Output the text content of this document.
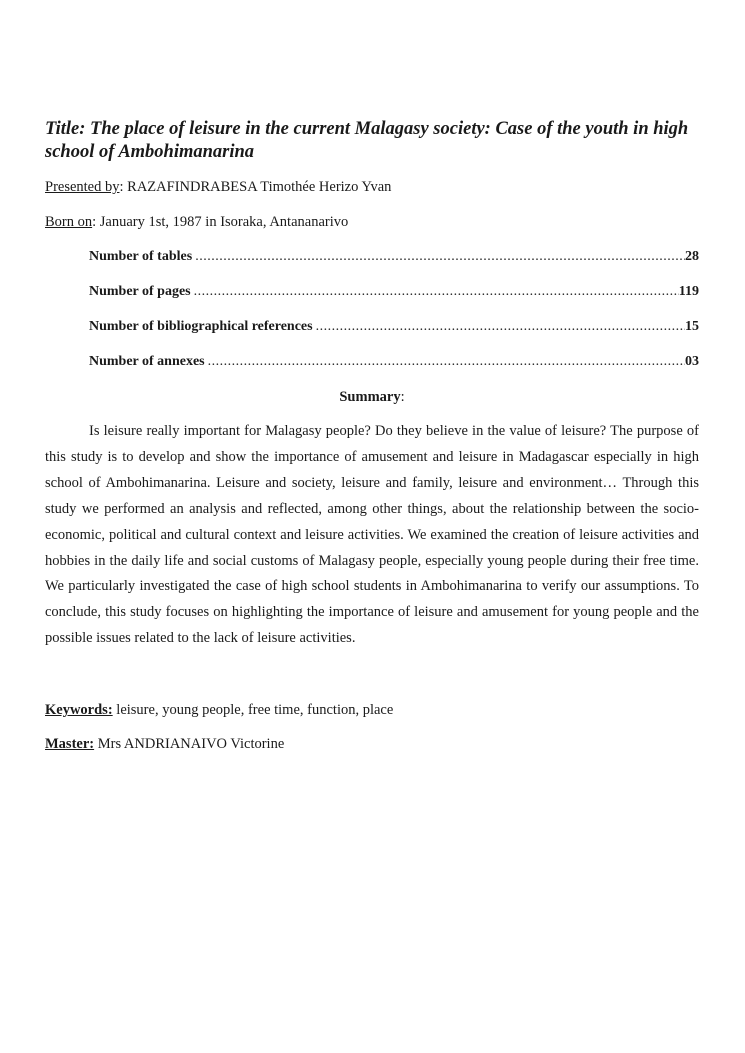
Title: The place of leisure in the current Malagasy society: Case of the youth in high school of Ambohimanarina

Presented by: RAZAFINDRABESA Timothée Herizo Yvan

Born on: January 1st, 1987 in Isoraka, Antananarivo

Number of tables .....	28
Number of pages .....	119
Number of bibliographical references .....	15
Number of annexes .....	03

Summary:

Is leisure really important for Malagasy people? Do they believe in the value of leisure? The purpose of this study is to develop and show the importance of amusement and leisure in Madagascar especially in high school of Ambohimanarina. Leisure and society, leisure and family, leisure and environment… Through this study we performed an analysis and reflected, among other things, about the relationship between the socio-economic, political and cultural context and leisure activities. We examined the creation of leisure activities and hobbies in the daily life and social customs of Malagasy people, especially young people during their free time. We particularly investigated the case of high school students in Ambohimanarina to verify our assumptions. To conclude, this study focuses on highlighting the importance of leisure and amusement for young people and the possible issues related to the lack of leisure activities.

Keywords: leisure, young people, free time, function, place

Master: Mrs ANDRIANAIVO Victorine
